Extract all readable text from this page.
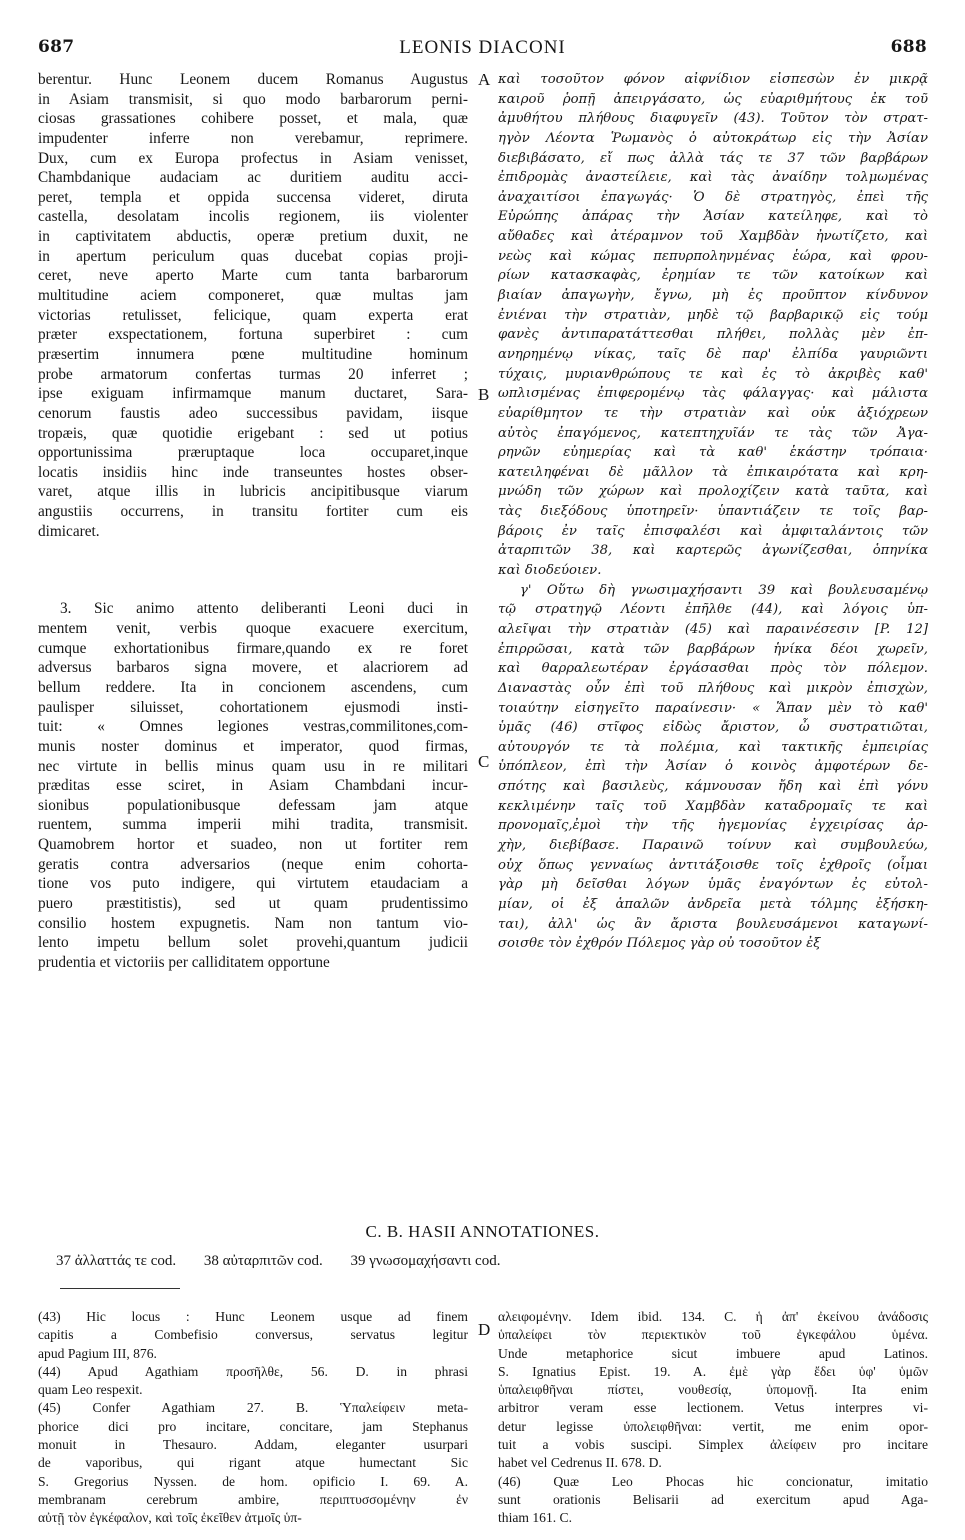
687	LEONIS DIACONI	688
berentur. Hunc Leonem ducem Romanus Augustus
in Asiam transmisit, si quo modo barbarorum perni-
ciosas grassationes cohibere posset, et mala, quæ
impudenter inferre non verebamur, reprimere.
Dux, cum ex Europa profectus in Asiam venisset,
Chambdanique audaciam ac duritiem auditu acci-
peret, templa et oppida succensa videret, diruta
castella, desolatam incolis regionem, iis violenter
in captivitatem abductis, operæ pretium duxit, ne
in apertum periculum quas ducebat copias proji-
ceret, neve aperto Marte cum tanta barbarorum
multitudine aciem componeret, quæ multas jam
victorias retulisset, felicique, quam experta erat
præter exspectationem, fortuna superbiret : cum
præsertim innumera pœne multitudine hominum
probe armatorum confertas turmas 20 inferret ;
ipse exiguam infirmamque manum ductaret, Sara-
cenorum faustis adeo successibus pavidam, iisque
tropæis, quæ quotidie erigebant : sed ut potius
opportunissima præruptaque loca occuparet,inque
locatis insidiis hinc inde transeuntes hostes obser-
varet, atque illis in lubricis ancipitibusque viarum
angustiis occurrens, in transitu fortiter cum eis
dimicaret.
3. Sic animo attento deliberanti Leoni duci in
mentem venit, verbis quoque exacuere exercitum,
cumque exhortationibus firmare,quando ex re foret
adversus barbaros signa movere, et alacriorem ad
bellum reddere. Ita in concionem ascendens, cum
paulisper siluisset, cohortationem ejusmodi insti-
tuit: « Omnes legiones vestras,commilitones,com-
munis noster dominus et imperator, quod firmas,
nec virtute in bellis minus quam usu in re militari
præditas esse sciret, in Asiam Chambdani incur-
sionibus populationibusque defessam jam atque
ruentem, summa imperii mihi tradita, transmisit.
Quamobrem hortor et suadeo, non ut fortiter rem
geratis contra adversarios (neque enim cohorta-
tione vos puto indigere, qui virtutem etaudaciam a
puero præstitistis), sed ut quam prudentissimo
consilio hostem expugnetis. Nam non tantum vio-
lento impetu bellum solet provehi,quantum judicii
prudentia et victoriis per calliditatem opportune
καὶ τοσοῦτον φόνον αἰφνίδιον εἰσπεσὼν ἐν μικρᾷ
καιροῦ ῥοπῇ ἀπειργάσατο, ὡς εὐαριθμήτους ἐκ τοῦ
ἀμυθήτου πλήθους διαφυγεῖν (43). Τοῦτον τὸν στρατ-
ηγὸν Λέοντα Ῥωμανὸς ὁ αὐτοκράτωρ εἰς τὴν Ἀσίαν
διεβιβάσατο, εἴ πως ἀλλὰ τάς τε 37 τῶν βαρβάρων
ἐπιδρομὰς ἀναστείλειε, καὶ τὰς ἀναίδην τολμωμένας
ἀναχαιτίσοι ἐπαγωγάς· Ὁ δὲ στρατηγὸς, ἐπεὶ τῆς
Εὐρώπης ἀπάρας τὴν Ἀσίαν κατείληφε, καὶ τὸ
αὔθαδες καὶ ἀτέραμνον τοῦ Χαμβδὰν ἠνωτίζετο, καὶ
νεὼς καὶ κώμας πεπυρποληνμένας ἑώρα, καὶ φρου-
ρίων κατασκαφὰς, ἐρημίαν τε τῶν κατοίκων καὶ
βιαίαν ἀπαγωγὴν, ἔγνω, μὴ ἐς προῦπτον κίνδυνον
ἐνιέναι τὴν στρατιὰν, μηδὲ τῷ βαρβαρικῷ εἰς τούμ
φανὲς ἀντιπαρατάττεσθαι πλήθει, πολλὰς μὲν ἐπ-
ανηρημένῳ νίκας, ταῖς δὲ παρ' ἐλπίδα γαυριῶντι
τύχαις, μυριανθρώπους τε καὶ ἐς τὸ ἀκριβὲς καθ'
ωπλισμένας ἐπιφερομένῳ τὰς φάλαγγας· καὶ μάλιστα
εὐαρίθμητον τε τὴν στρατιὰν καὶ οὐκ ἀξιόχρεων
αὐτὸς ἐπαγόμενος, κατεπτηχυῖάν τε τὰς τῶν Ἀγα-
ρηνῶν εὐημερίας καὶ τὰ καθ' ἑκάστην τρόπαια·
κατειληφέναι δὲ μᾶλλον τὰ ἐπικαιρότατα καὶ κρη-
μνώδη τῶν χώρων καὶ προλοχίζειν κατὰ ταῦτα, καὶ
τὰς διεξόδους ὑποτηρεῖν· ὑπαντιάζειν τε τοῖς βαρ-
βάροις ἐν ταῖς ἐπισφαλέσι καὶ ἀμφιταλάντοις τῶν
ἀταρπιτῶν 38, καὶ καρτερῶς ἀγωνίζεσθαι, ὁπηνίκα
καὶ διοδεύοιεν.
γ' Οὕτω δὴ γνωσιμαχήσαντι 39 καὶ βουλευσαμένῳ
τῷ στρατηγῷ Λέοντι ἐπῆλθε (44), καὶ λόγοις ὑπ-
αλεῖψαι τὴν στρατιὰν (45) καὶ παραινέσεσιν [P. 12]
ἐπιρρῶσαι, κατὰ τῶν βαρβάρων ἡνίκα δέοι χωρεῖν,
καὶ θαρραλεωτέραν ἐργάσασθαι πρὸς τὸν πόλεμον.
Διαναστὰς οὖν ἐπὶ τοῦ πλήθους καὶ μικρὸν ἐπισχὼν,
τοιαύτην εἰσηγεῖτο παραίνεσιν· « Ἅπαν μὲν τὸ καθ'
ὑμᾶς (46) στῖφος εἰδὼς ἄριστον, ὦ συστρατιῶται,
αὐτουργόν τε τὰ πολέμια, καὶ τακτικῆς ἐμπειρίας
ὑπόπλεον, ἐπὶ τὴν Ἀσίαν ὁ κοινὸς ἀμφοτέρων δε-
σπότης καὶ βασιλεὺς, κάμνουσαν ἤδη καὶ ἐπὶ γόνυ
κεκλιμένην ταῖς τοῦ Χαμβδὰν καταδρομαῖς τε καὶ
προνομαῖς,ἐμοὶ τὴν τῆς ἡγεμονίας ἐγχειρίσας ἀρ-
χὴν, διεβίβασε. Παραινῶ τοίνυν καὶ συμβουλεύω,
οὐχ ὅπως γενναίως ἀντιτάξοισθε τοῖς ἐχθροῖς (οἶμαι
γὰρ μὴ δεῖσθαι λόγων ὑμᾶς ἐναγόντων ἐς εὐτολ-
μίαν, οἱ ἐξ ἁπαλῶν ἀνδρεῖα μετὰ τόλμης ἐξήσκη-
ται), ἀλλ' ὡς ἂν ἄριστα βουλευσάμενοι καταγωνί-
σοισθε τὸν ἐχθρόν Πόλεμος γὰρ οὐ τοσοῦτον ἐξ
A
B
C
D
C. B. HASII ANNOTATIONES.
37 ἀλλαττάς τε cod. 38 αὐταρπιτῶν cod. 39 γνωσομαχήσαντι cod.
(43) Hic locus : Hunc Leonem usque ad finem
capitis a Combefisio conversus, servatus legitur
apud Pagium III, 876.
(44) Apud Agathiam προσῆλθε, 56. D. in phrasi
quam Leo respexit.
(45) Confer Agathiam 27. B. Ὑπαλείφειν meta-
phorice dici pro incitare, concitare, jam Stephanus
monuit in Thesauro. Addam, eleganter usurpari
de vaporibus, qui rigant atque humectant Sic
S. Gregorius Nyssen. de hom. opificio I. 69. A.
membranam cerebrum ambire, περιπτυσσομένην ἐν
αὐτῇ τὸν ἐγκέφαλον, καὶ τοῖς ἐκεῖθεν ἀτμοῖς ὑπ-
αλειφομένην. Idem ibid. 134. C. ἡ ἀπ' ἐκείνου ἀνάδοσις
ὑπαλείφει τὸν περιεκτικὸν τοῦ ἐγκεφάλου ὑμένα.
Unde metaphorice sicut imbuere apud Latinos.
S. Ignatius Epist. 19. A. ἐμὲ γὰρ ἔδει ὑφ' ὑμῶν
ὑπαλειφθῆναι πίστει, νουθεσίᾳ, ὑπομονῇ. Ita enim
arbitror veram esse lectionem. Vetus interpres vi-
detur legisse ὑπολειφθῆναι: vertit, me enim opor-
tuit a vobis suscipi. Simplex ἀλείφειν pro incitare
habet vel Cedrenus II. 678. D.
(46) Quæ Leo Phocas hic concionatur, imitatio
sunt orationis Belisarii ad exercitum apud Aga-
thiam 161. C.
